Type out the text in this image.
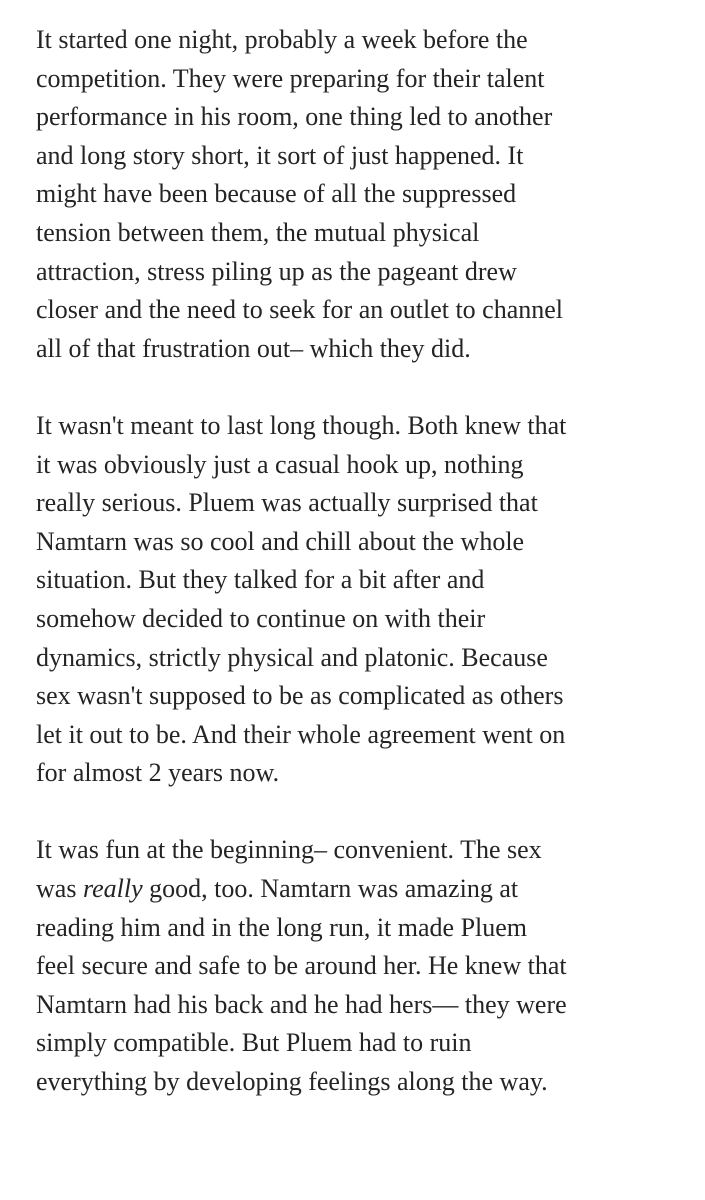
It started one night, probably a week before the
competition. They were preparing for their talent
performance in his room, one thing led to another
and long story short, it sort of just happened. It
might have been because of all the suppressed
tension between them, the mutual physical
attraction, stress piling up as the pageant drew
closer and the need to seek for an outlet to channel
all of that frustration out– which they did.

It wasn't meant to last long though. Both knew that
it was obviously just a casual hook up, nothing
really serious. Pluem was actually surprised that
Namtarn was so cool and chill about the whole
situation. But they talked for a bit after and
somehow decided to continue on with their
dynamics, strictly physical and platonic. Because
sex wasn't supposed to be as complicated as others
let it out to be. And their whole agreement went on
for almost 2 years now.

It was fun at the beginning– convenient. The sex
was really good, too. Namtarn was amazing at
reading him and in the long run, it made Pluem
feel secure and safe to be around her. He knew that
Namtarn had his back and he had hers— they were
simply compatible. But Pluem had to ruin
everything by developing feelings along the way.
